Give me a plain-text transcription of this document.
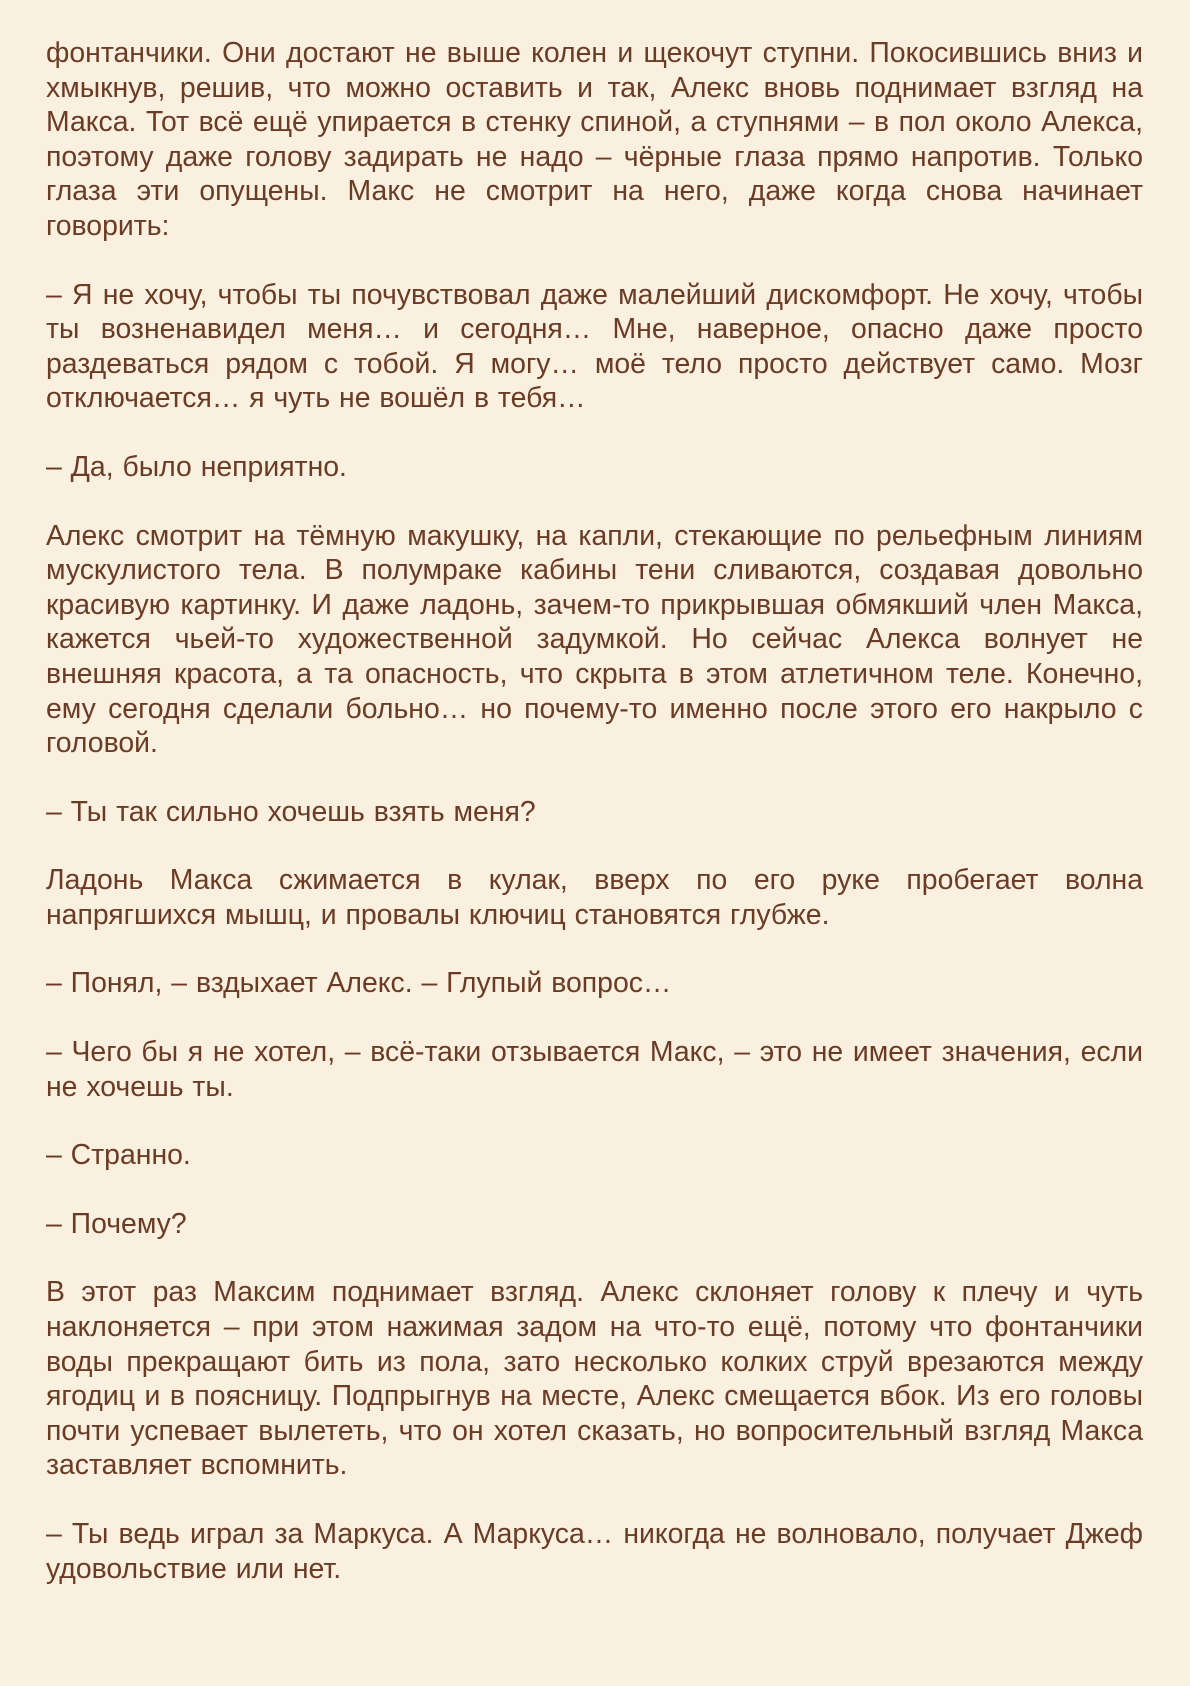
фонтанчики. Они достают не выше колен и щекочут ступни. Покосившись вниз и хмыкнув, решив, что можно оставить и так, Алекс вновь поднимает взгляд на Макса. Тот всё ещё упирается в стенку спиной, а ступнями – в пол около Алекса, поэтому даже голову задирать не надо – чёрные глаза прямо напротив. Только глаза эти опущены. Макс не смотрит на него, даже когда снова начинает говорить:

– Я не хочу, чтобы ты почувствовал даже малейший дискомфорт. Не хочу, чтобы ты возненавидел меня… и сегодня… Мне, наверное, опасно даже просто раздеваться рядом с тобой. Я могу… моё тело просто действует само. Мозг отключается… я чуть не вошёл в тебя…

– Да, было неприятно.

Алекс смотрит на тёмную макушку, на капли, стекающие по рельефным линиям мускулистого тела. В полумраке кабины тени сливаются, создавая довольно красивую картинку. И даже ладонь, зачем-то прикрывшая обмякший член Макса, кажется чьей-то художественной задумкой. Но сейчас Алекса волнует не внешняя красота, а та опасность, что скрыта в этом атлетичном теле. Конечно, ему сегодня сделали больно… но почему-то именно после этого его накрыло с головой.

– Ты так сильно хочешь взять меня?

Ладонь Макса сжимается в кулак, вверх по его руке пробегает волна напрягшихся мышц, и провалы ключиц становятся глубже.

– Понял, – вздыхает Алекс. – Глупый вопрос…

– Чего бы я не хотел, – всё-таки отзывается Макс, – это не имеет значения, если не хочешь ты.

– Странно.

– Почему?

В этот раз Максим поднимает взгляд. Алекс склоняет голову к плечу и чуть наклоняется – при этом нажимая задом на что-то ещё, потому что фонтанчики воды прекращают бить из пола, зато несколько колких струй врезаются между ягодиц и в поясницу. Подпрыгнув на месте, Алекс смещается вбок. Из его головы почти успевает вылететь, что он хотел сказать, но вопросительный взгляд Макса заставляет вспомнить.

– Ты ведь играл за Маркуса. А Маркуса… никогда не волновало, получает Джеф удовольствие или нет.
